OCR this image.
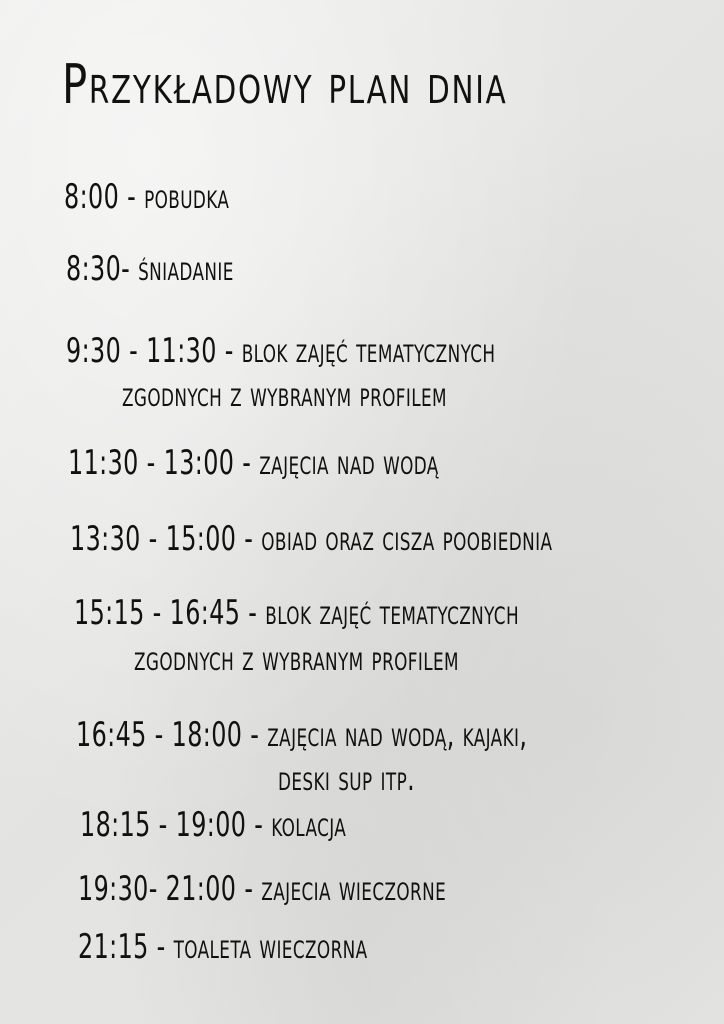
Przykładowy plan dnia

8:00 - pobudka

8:30- śniadanie

9:30 - 11:30 - blok zajęć tematycznych

zgodnych z wybranym profilem

11:30 - 13:00 - zajęcia nad wodą

13:30 - 15:00 - obiad oraz cisza poobiednia

15:15 - 16:45 - blok zajęć tematycznych

zgodnych z wybranym profilem

16:45 - 18:00 - zajęcia nad wodą, kajaki,

deski sup itp.

18:15 - 19:00 - kolacja

19:30- 21:00 - zajecia wieczorne

21:15 - toaleta wieczorna
